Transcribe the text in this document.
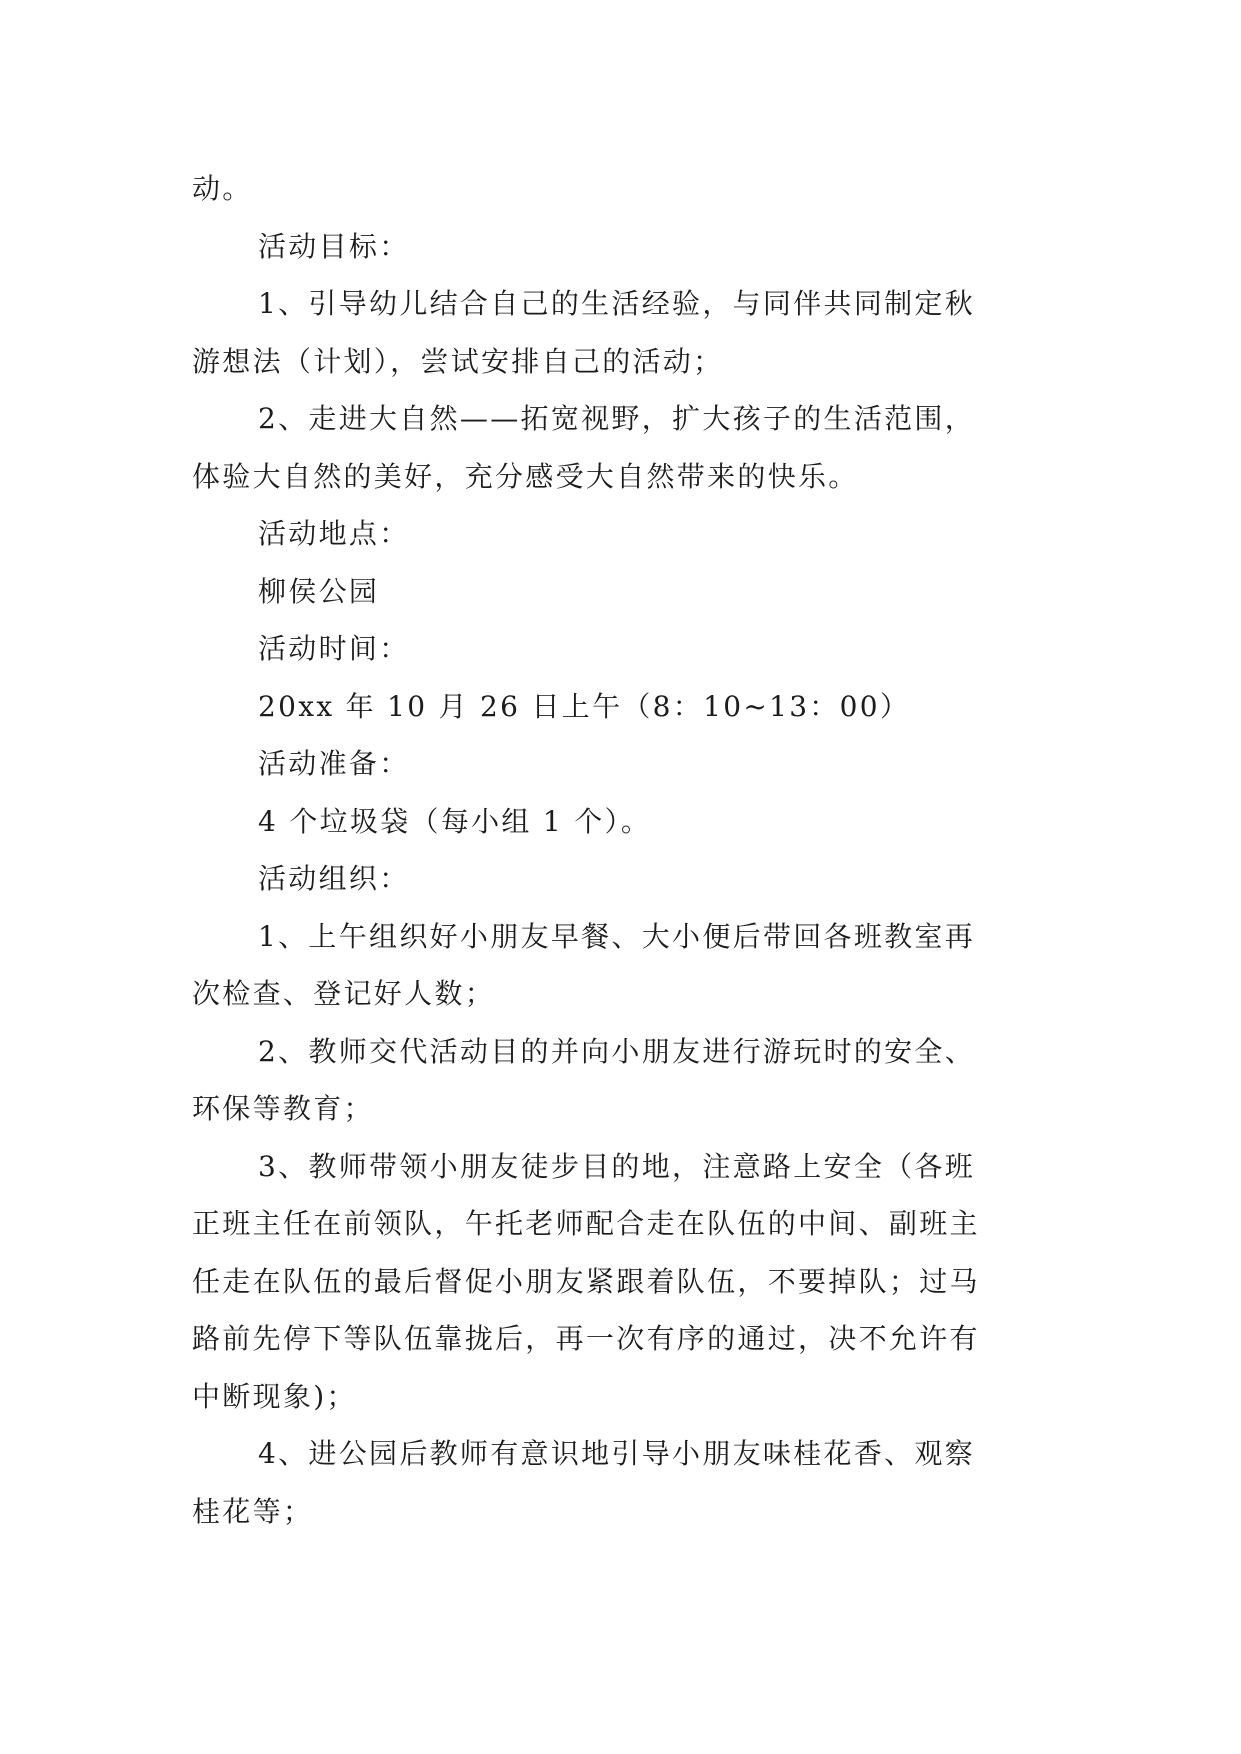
动。
活动目标：
1、引导幼儿结合自己的生活经验，与同伴共同制定秋
游想法（计划），尝试安排自己的活动；
2、走进大自然——拓宽视野，扩大孩子的生活范围，
体验大自然的美好，充分感受大自然带来的快乐。
活动地点：
柳侯公园
活动时间：
20xx 年 10 月 26 日上午（8：10~13：00）
活动准备：
4 个垃圾袋（每小组 1 个）。
活动组织：
1、上午组织好小朋友早餐、大小便后带回各班教室再
次检查、登记好人数；
2、教师交代活动目的并向小朋友进行游玩时的安全、
环保等教育；
3、教师带领小朋友徒步目的地，注意路上安全（各班
正班主任在前领队，午托老师配合走在队伍的中间、副班主
任走在队伍的最后督促小朋友紧跟着队伍，不要掉队；过马
路前先停下等队伍靠拢后，再一次有序的通过，决不允许有
中断现象)；
4、进公园后教师有意识地引导小朋友味桂花香、观察
桂花等；
